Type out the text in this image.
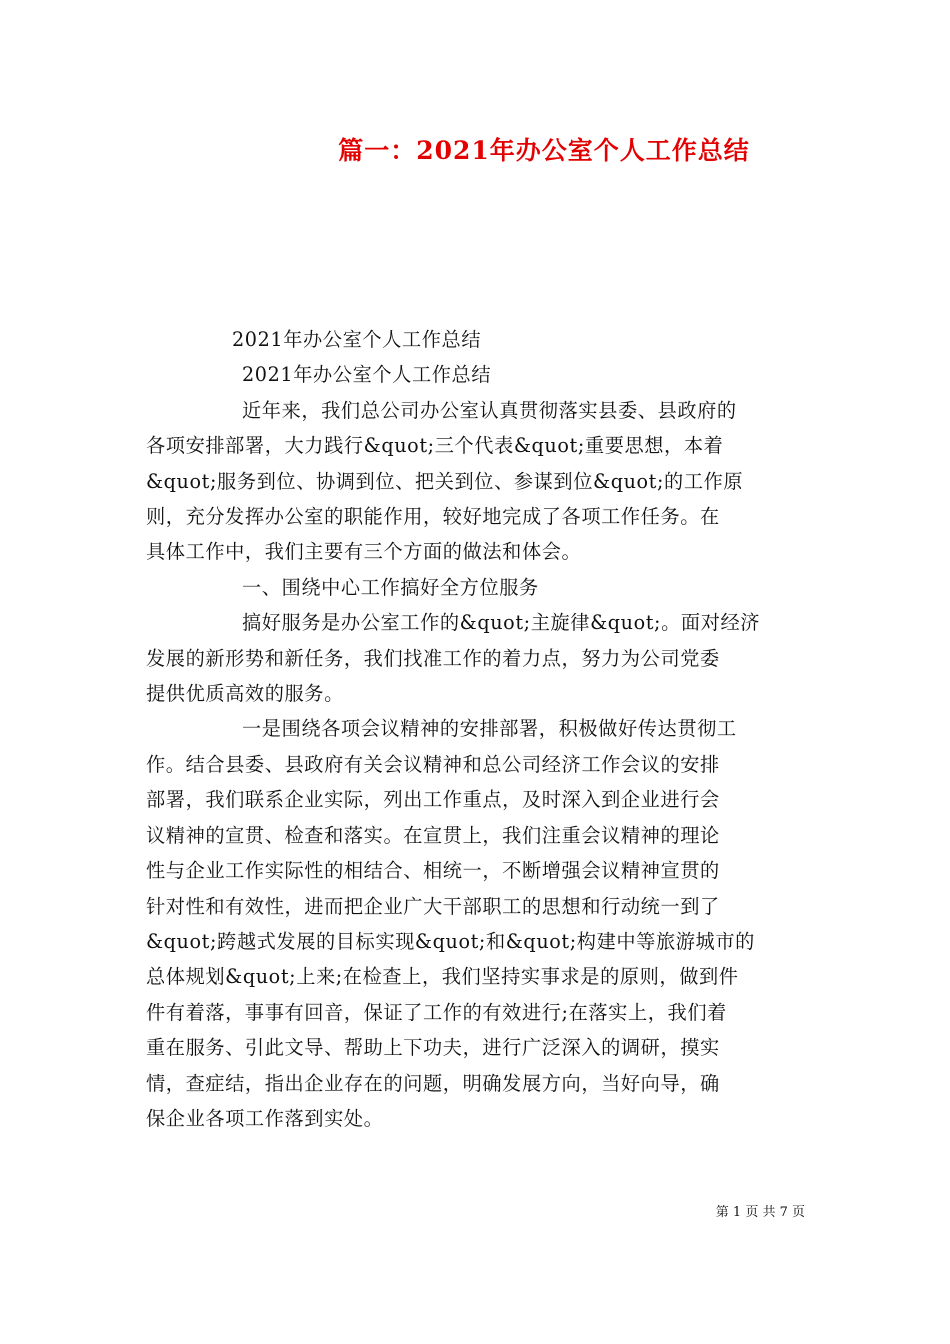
篇一：2021年办公室个人工作总结
2021年办公室个人工作总结
2021年办公室个人工作总结
近年来，我们总公司办公室认真贯彻落实县委、县政府的
各项安排部署，大力践行&quot;三个代表&quot;重要思想，本着
&quot;服务到位、协调到位、把关到位、参谋到位&quot;的工作原
则，充分发挥办公室的职能作用，较好地完成了各项工作任务。在
具体工作中，我们主要有三个方面的做法和体会。
一、围绕中心工作搞好全方位服务
搞好服务是办公室工作的&quot;主旋律&quot;。面对经济
发展的新形势和新任务，我们找准工作的着力点，努力为公司党委
提供优质高效的服务。
一是围绕各项会议精神的安排部署，积极做好传达贯彻工
作。结合县委、县政府有关会议精神和总公司经济工作会议的安排
部署，我们联系企业实际，列出工作重点，及时深入到企业进行会
议精神的宣贯、检查和落实。在宣贯上，我们注重会议精神的理论
性与企业工作实际性的相结合、相统一，不断增强会议精神宣贯的
针对性和有效性，进而把企业广大干部职工的思想和行动统一到了
&quot;跨越式发展的目标实现&quot;和&quot;构建中等旅游城市的
总体规划&quot;上来;在检查上，我们坚持实事求是的原则，做到件
件有着落，事事有回音，保证了工作的有效进行;在落实上，我们着
重在服务、引此文导、帮助上下功夫，进行广泛深入的调研，摸实
情，查症结，指出企业存在的问题，明确发展方向，当好向导，确
保企业各项工作落到实处。
第 1 页 共 7 页
